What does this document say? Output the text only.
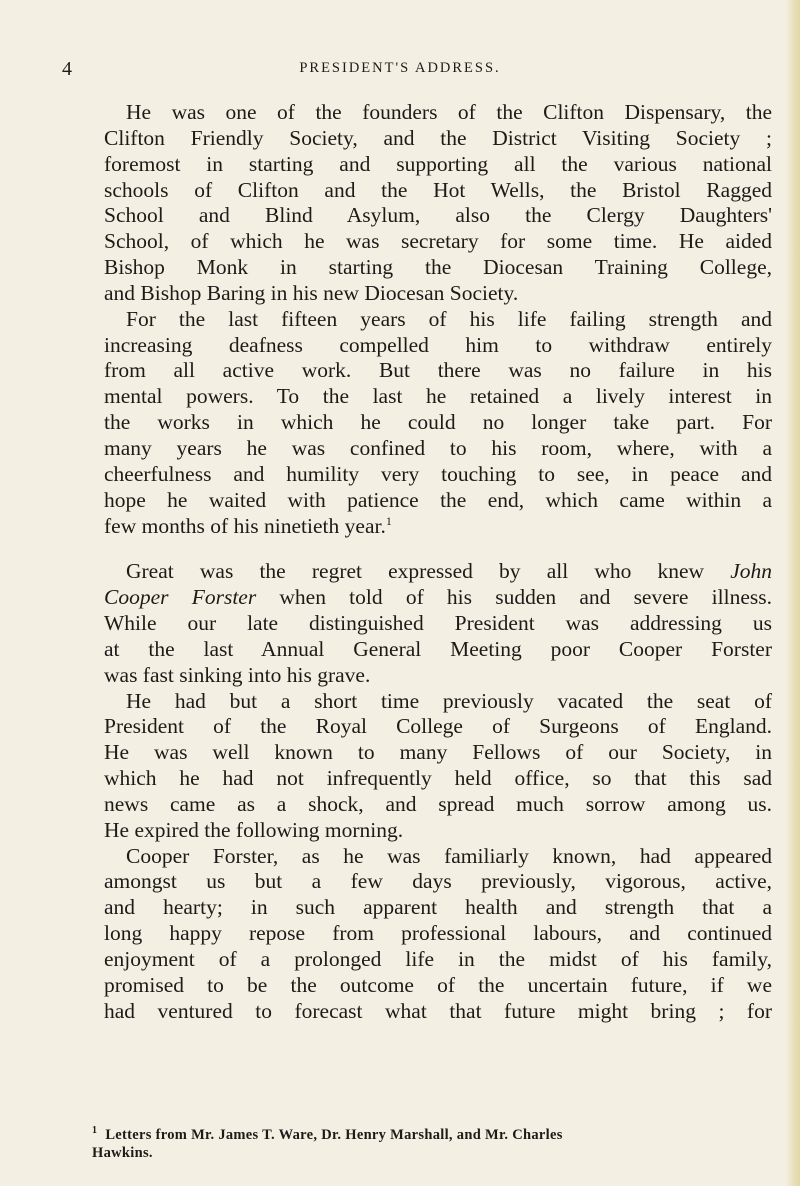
4	PRESIDENT'S ADDRESS.

He was one of the founders of the Clifton Dispensary, the
Clifton Friendly Society, and the District Visiting Society ;
foremost in starting and supporting all the various national
schools of Clifton and the Hot Wells, the Bristol Ragged
School and Blind Asylum, also the Clergy Daughters'
School, of which he was secretary for some time. He aided
Bishop Monk in starting the Diocesan Training College,
and Bishop Baring in his new Diocesan Society.

For the last fifteen years of his life failing strength and
increasing deafness compelled him to withdraw entirely
from all active work. But there was no failure in his
mental powers. To the last he retained a lively interest in
the works in which he could no longer take part. For
many years he was confined to his room, where, with a
cheerfulness and humility very touching to see, in peace and
hope he waited with patience the end, which came within a
few months of his ninetieth year.$^1$

Great was the regret expressed by all who knew John
Cooper Forster when told of his sudden and severe illness.
While our late distinguished President was addressing us
at the last Annual General Meeting poor Cooper Forster
was fast sinking into his grave.

He had but a short time previously vacated the seat of
President of the Royal College of Surgeons of England.
He was well known to many Fellows of our Society, in
which he had not infrequently held office, so that this sad
news came as a shock, and spread much sorrow among us.
He expired the following morning.

Cooper Forster, as he was familiarly known, had appeared
amongst us but a few days previously, vigorous, active,
and hearty; in such apparent health and strength that a
long happy repose from professional labours, and continued
enjoyment of a prolonged life in the midst of his family,
promised to be the outcome of the uncertain future, if we
had ventured to forecast what that future might bring ; for

$^1$ Letters from Mr. James T. Ware, Dr. Henry Marshall, and Mr. Charles
Hawkins.
